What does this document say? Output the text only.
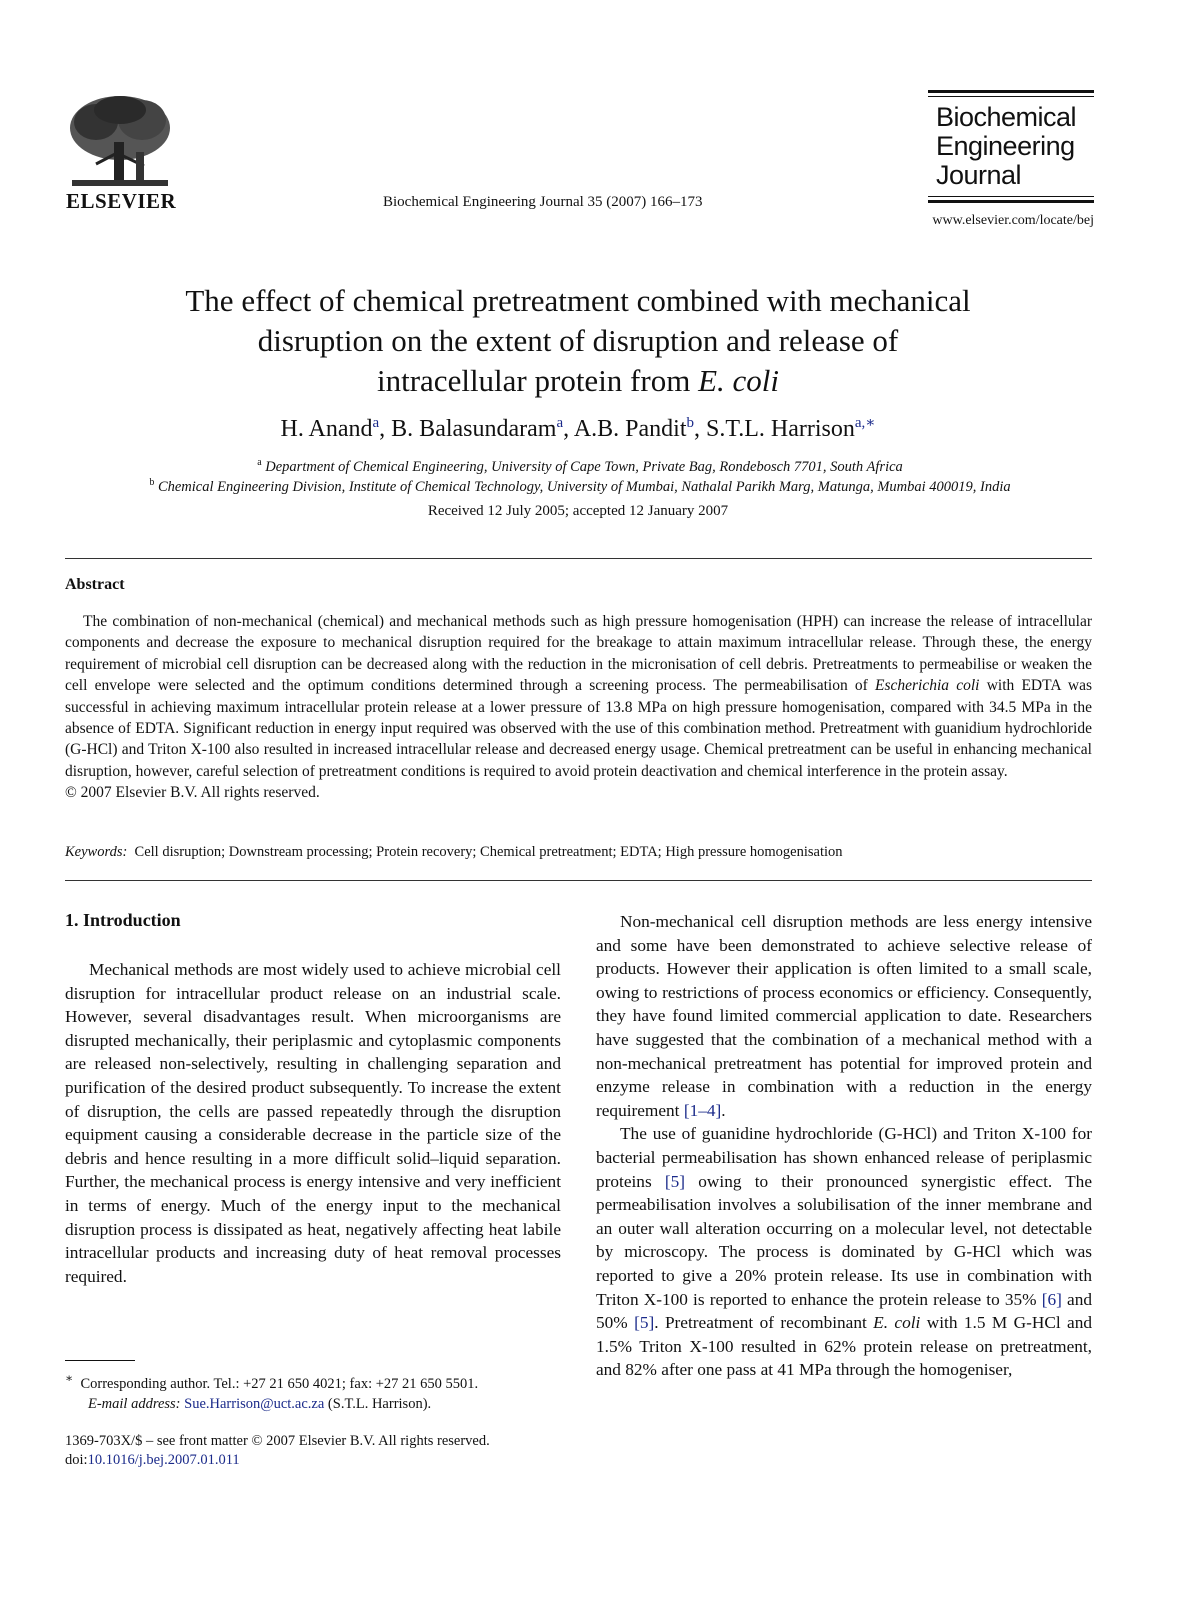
ELSEVIER	Biochemical Engineering Journal 35 (2007) 166–173
Biochemical
Engineering
Journal
www.elsevier.com/locate/bej
The effect of chemical pretreatment combined with mechanical
disruption on the extent of disruption and release of
intracellular protein from E. coli
H. Anand$^a$, B. Balasundaram$^a$, A.B. Pandit$^b$, S.T.L. Harrison$^{a,∗}$
$^a$ Department of Chemical Engineering, University of Cape Town, Private Bag, Rondebosch 7701, South Africa
$^b$ Chemical Engineering Division, Institute of Chemical Technology, University of Mumbai, Nathalal Parikh Marg, Matunga, Mumbai 400019, India
Received 12 July 2005; accepted 12 January 2007
Abstract

The combination of non-mechanical (chemical) and mechanical methods such as high pressure homogenisation (HPH) can increase the release of intracellular components and decrease the exposure to mechanical disruption required for the breakage to attain maximum intracellular release. Through these, the energy requirement of microbial cell disruption can be decreased along with the reduction in the micronisation of cell debris. Pretreatments to permeabilise or weaken the cell envelope were selected and the optimum conditions determined through a screening process. The permeabilisation of Escherichia coli with EDTA was successful in achieving maximum intracellular protein release at a lower pressure of 13.8 MPa on high pressure homogenisation, compared with 34.5 MPa in the absence of EDTA. Significant reduction in energy input required was observed with the use of this combination method. Pretreatment with guanidium hydrochloride (G-HCl) and Triton X-100 also resulted in increased intracellular release and decreased energy usage. Chemical pretreatment can be useful in enhancing mechanical disruption, however, careful selection of pretreatment conditions is required to avoid protein deactivation and chemical interference in the protein assay.

© 2007 Elsevier B.V. All rights reserved.

Keywords: Cell disruption; Downstream processing; Protein recovery; Chemical pretreatment; EDTA; High pressure homogenisation
1. Introduction

Mechanical methods are most widely used to achieve microbial cell disruption for intracellular product release on an industrial scale. However, several disadvantages result. When microorganisms are disrupted mechanically, their periplasmic and cytoplasmic components are released non-selectively, resulting in challenging separation and purification of the desired product subsequently. To increase the extent of disruption, the cells are passed repeatedly through the disruption equipment causing a considerable decrease in the particle size of the debris and hence resulting in a more difficult solid–liquid separation. Further, the mechanical process is energy intensive and very inefficient in terms of energy. Much of the energy input to the mechanical disruption process is dissipated as heat, negatively affecting heat labile intracellular products and increasing duty of heat removal processes required.

Non-mechanical cell disruption methods are less energy intensive and some have been demonstrated to achieve selective release of products. However their application is often limited to a small scale, owing to restrictions of process economics or efficiency. Consequently, they have found limited commercial application to date. Researchers have suggested that the combination of a mechanical method with a non-mechanical pretreatment has potential for improved protein and enzyme release in combination with a reduction in the energy requirement [1–4].

The use of guanidine hydrochloride (G-HCl) and Triton X-100 for bacterial permeabilisation has shown enhanced release of periplasmic proteins [5] owing to their pronounced synergistic effect. The permeabilisation involves a solubilisation of the inner membrane and an outer wall alteration occurring on a molecular level, not detectable by microscopy. The process is dominated by G-HCl which was reported to give a 20% protein release. Its use in combination with Triton X-100 is reported to enhance the protein release to 35% [6] and 50% [5]. Pretreatment of recombinant E. coli with 1.5 M G-HCl and 1.5% Triton X-100 resulted in 62% protein release on pretreatment, and 82% after one pass at 41 MPa through the homogeniser,

∗ Corresponding author. Tel.: +27 21 650 4021; fax: +27 21 650 5501.
E-mail address: Sue.Harrison@uct.ac.za (S.T.L. Harrison).
1369-703X/$ – see front matter © 2007 Elsevier B.V. All rights reserved.
doi:10.1016/j.bej.2007.01.011
